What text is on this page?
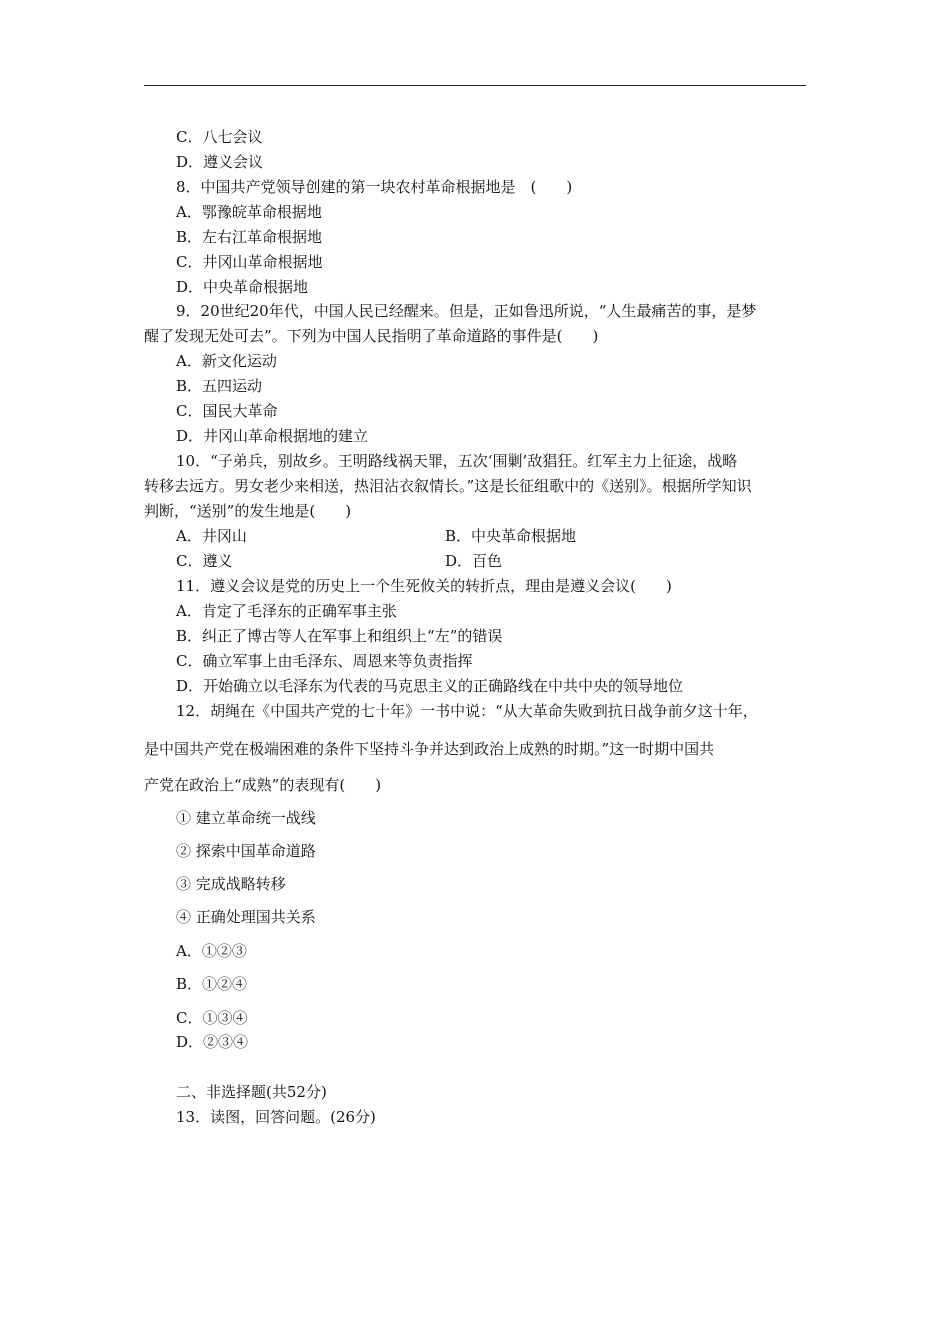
C．八七会议
D．遵义会议
8．中国共产党领导创建的第一块农村革命根据地是　(　　)
A．鄂豫皖革命根据地
B．左右江革命根据地
C．井冈山革命根据地
D．中央革命根据地
9．20世纪20年代，中国人民已经醒来。但是，正如鲁迅所说，“人生最痛苦的事，是梦
醒了发现无处可去”。下列为中国人民指明了革命道路的事件是(　　)
A．新文化运动
B．五四运动
C．国民大革命
D．井冈山革命根据地的建立
10．“子弟兵，别故乡。王明路线祸天罪，五次‘围剿’敌猖狂。红军主力上征途，战略
转移去远方。男女老少来相送，热泪沾衣叙情长。”这是长征组歌中的《送别》。根据所学知识
判断，“送别”的发生地是(　　)
A．井冈山	B．中央革命根据地
C．遵义	D．百色
11．遵义会议是党的历史上一个生死攸关的转折点，理由是遵义会议(　　)
A．肯定了毛泽东的正确军事主张
B．纠正了博古等人在军事上和组织上“左”的错误
C．确立军事上由毛泽东、周恩来等负责指挥
D．开始确立以毛泽东为代表的马克思主义的正确路线在中共中央的领导地位
12．胡绳在《中国共产党的七十年》一书中说：“从大革命失败到抗日战争前夕这十年，
是中国共产党在极端困难的条件下坚持斗争并达到政治上成熟的时期。”这一时期中国共
产党在政治上“成熟”的表现有(　　)
① 建立革命统一战线
② 探索中国革命道路
③ 完成战略转移
④ 正确处理国共关系
A．①②③
B．①②④
C．①③④
D．②③④
二、非选择题(共52分)
13．读图，回答问题。(26分)
